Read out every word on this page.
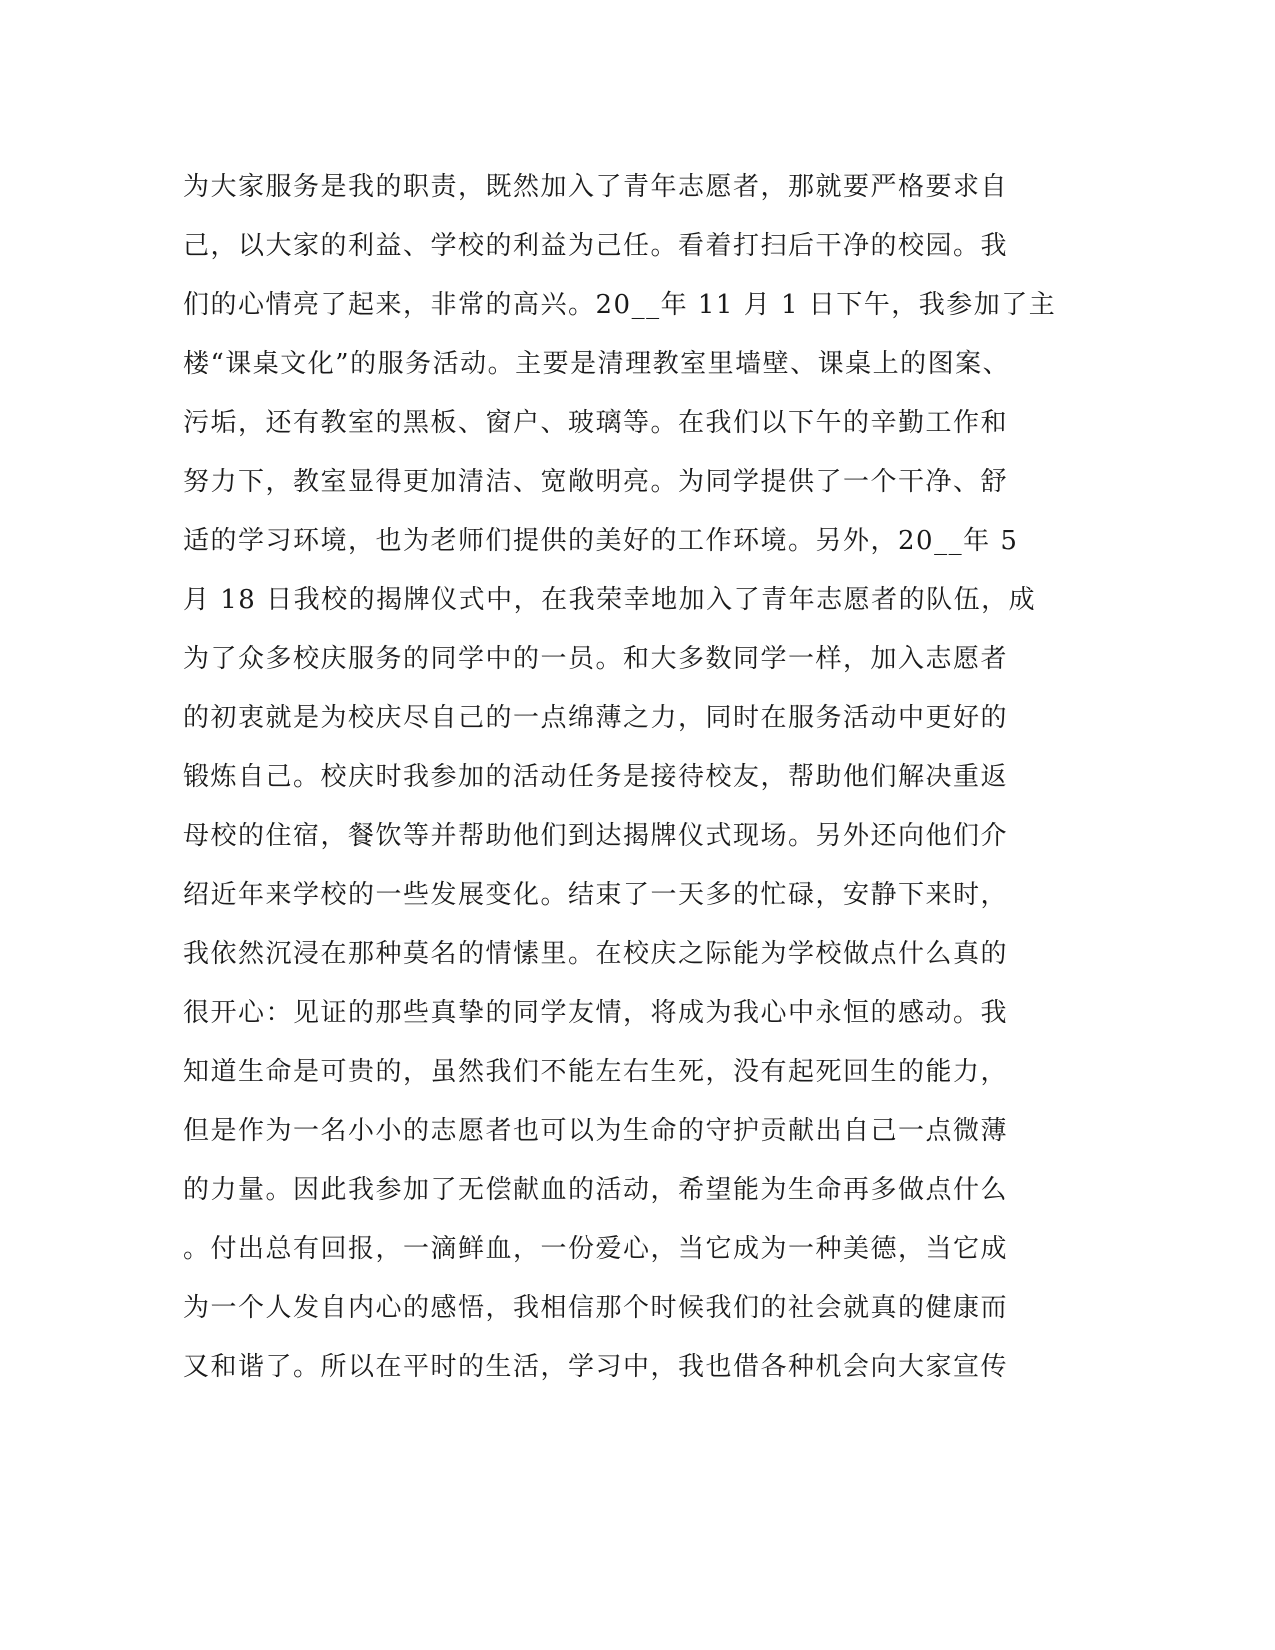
为大家服务是我的职责，既然加入了青年志愿者，那就要严格要求自
己，以大家的利益、学校的利益为己任。看着打扫后干净的校园。我
们的心情亮了起来，非常的高兴。20__年 11 月 1 日下午，我参加了主
楼“课桌文化”的服务活动。主要是清理教室里墙壁、课桌上的图案、
污垢，还有教室的黑板、窗户、玻璃等。在我们以下午的辛勤工作和
努力下，教室显得更加清洁、宽敞明亮。为同学提供了一个干净、舒
适的学习环境，也为老师们提供的美好的工作环境。另外，20__年 5
月 18 日我校的揭牌仪式中，在我荣幸地加入了青年志愿者的队伍，成
为了众多校庆服务的同学中的一员。和大多数同学一样，加入志愿者
的初衷就是为校庆尽自己的一点绵薄之力，同时在服务活动中更好的
锻炼自己。校庆时我参加的活动任务是接待校友，帮助他们解决重返
母校的住宿，餐饮等并帮助他们到达揭牌仪式现场。另外还向他们介
绍近年来学校的一些发展变化。结束了一天多的忙碌，安静下来时，
我依然沉浸在那种莫名的情愫里。在校庆之际能为学校做点什么真的
很开心：见证的那些真挚的同学友情，将成为我心中永恒的感动。我
知道生命是可贵的，虽然我们不能左右生死，没有起死回生的能力，
但是作为一名小小的志愿者也可以为生命的守护贡献出自己一点微薄
的力量。因此我参加了无偿献血的活动，希望能为生命再多做点什么
。付出总有回报，一滴鲜血，一份爱心，当它成为一种美德，当它成
为一个人发自内心的感悟，我相信那个时候我们的社会就真的健康而
又和谐了。所以在平时的生活，学习中，我也借各种机会向大家宣传
